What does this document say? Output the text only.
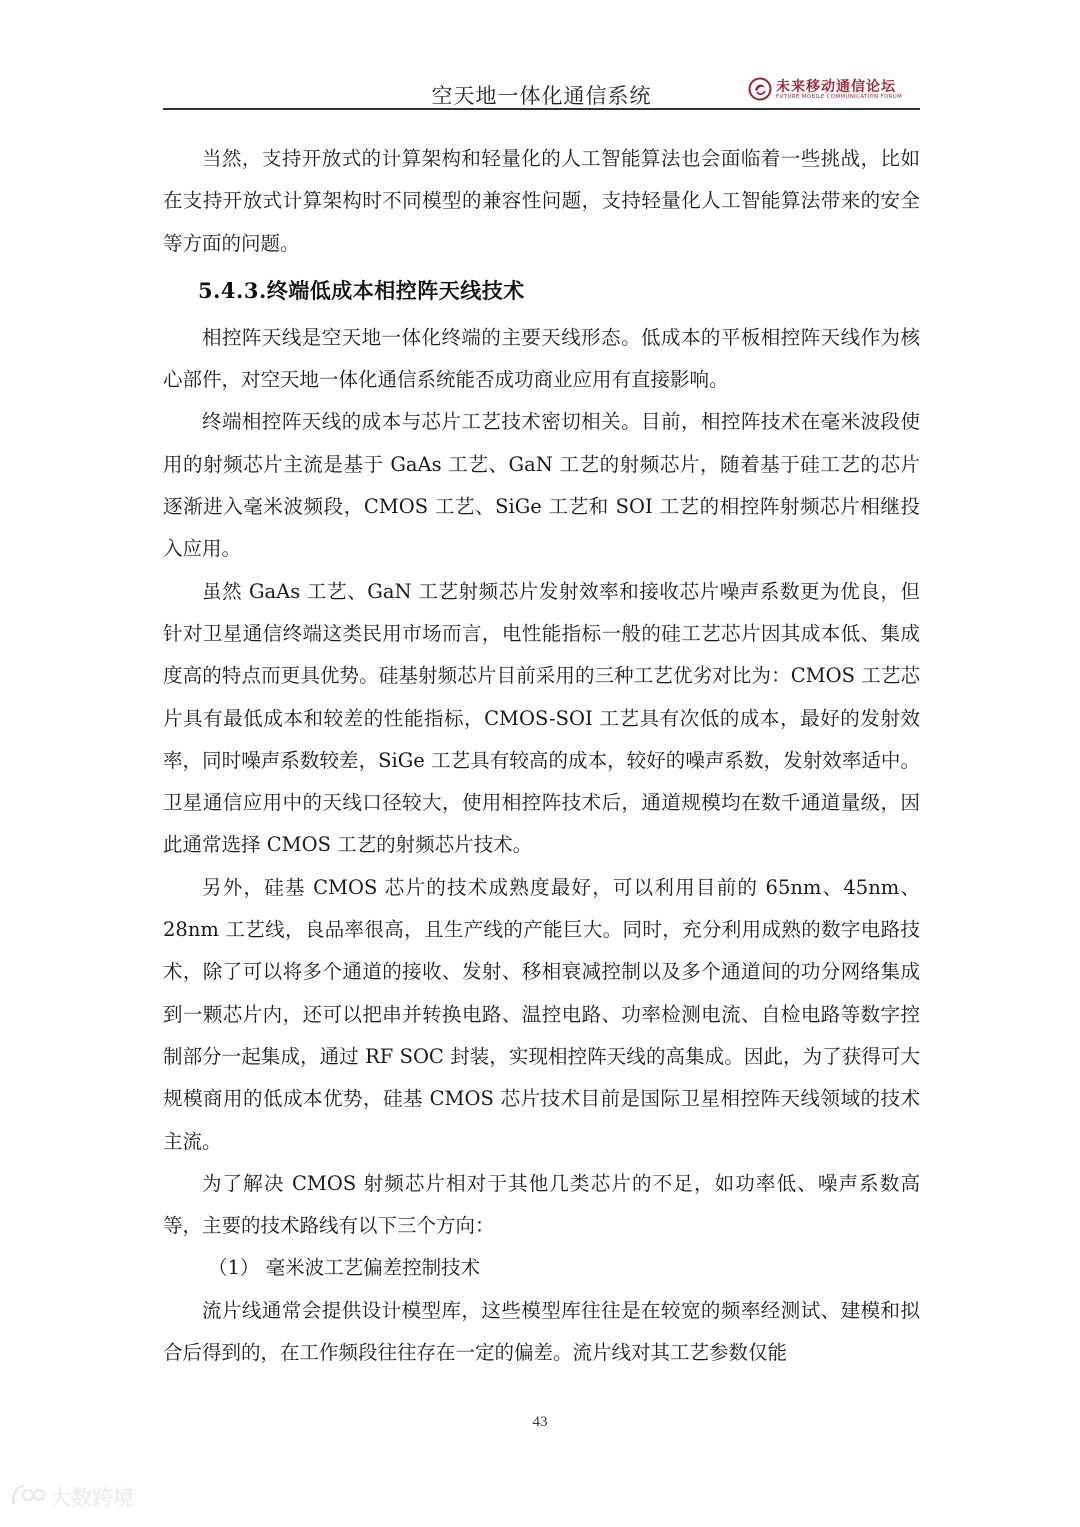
空天地一体化通信系统	未来移动通信论坛
FUTURE MOBILE COMMUNICATION FORUM

当然，支持开放式的计算架构和轻量化的人工智能算法也会面临着一些挑战，比如在支持开放式计算架构时不同模型的兼容性问题，支持轻量化人工智能算法带来的安全等方面的问题。

5.4.3.终端低成本相控阵天线技术

相控阵天线是空天地一体化终端的主要天线形态。低成本的平板相控阵天线作为核心部件，对空天地一体化通信系统能否成功商业应用有直接影响。

终端相控阵天线的成本与芯片工艺技术密切相关。目前，相控阵技术在毫米波段使用的射频芯片主流是基于 GaAs 工艺、GaN 工艺的射频芯片，随着基于硅工艺的芯片逐渐进入毫米波频段，CMOS 工艺、SiGe 工艺和 SOI 工艺的相控阵射频芯片相继投入应用。

虽然 GaAs 工艺、GaN 工艺射频芯片发射效率和接收芯片噪声系数更为优良，但针对卫星通信终端这类民用市场而言，电性能指标一般的硅工艺芯片因其成本低、集成度高的特点而更具优势。硅基射频芯片目前采用的三种工艺优劣对比为：CMOS 工艺芯片具有最低成本和较差的性能指标，CMOS-SOI 工艺具有次低的成本，最好的发射效率，同时噪声系数较差，SiGe 工艺具有较高的成本，较好的噪声系数，发射效率适中。卫星通信应用中的天线口径较大，使用相控阵技术后，通道规模均在数千通道量级，因此通常选择 CMOS 工艺的射频芯片技术。

另外，硅基 CMOS 芯片的技术成熟度最好，可以利用目前的 65nm、45nm、28nm 工艺线，良品率很高，且生产线的产能巨大。同时，充分利用成熟的数字电路技术，除了可以将多个通道的接收、发射、移相衰减控制以及多个通道间的功分网络集成到一颗芯片内，还可以把串并转换电路、温控电路、功率检测电流、自检电路等数字控制部分一起集成，通过 RF SOC 封装，实现相控阵天线的高集成。因此，为了获得可大规模商用的低成本优势，硅基 CMOS 芯片技术目前是国际卫星相控阵天线领域的技术主流。

为了解决 CMOS 射频芯片相对于其他几类芯片的不足，如功率低、噪声系数高等，主要的技术路线有以下三个方向：

（1） 毫米波工艺偏差控制技术

流片线通常会提供设计模型库，这些模型库往往是在较宽的频率经测试、建模和拟合后得到的，在工作频段往往存在一定的偏差。流片线对其工艺参数仅能

43
大数跨境
